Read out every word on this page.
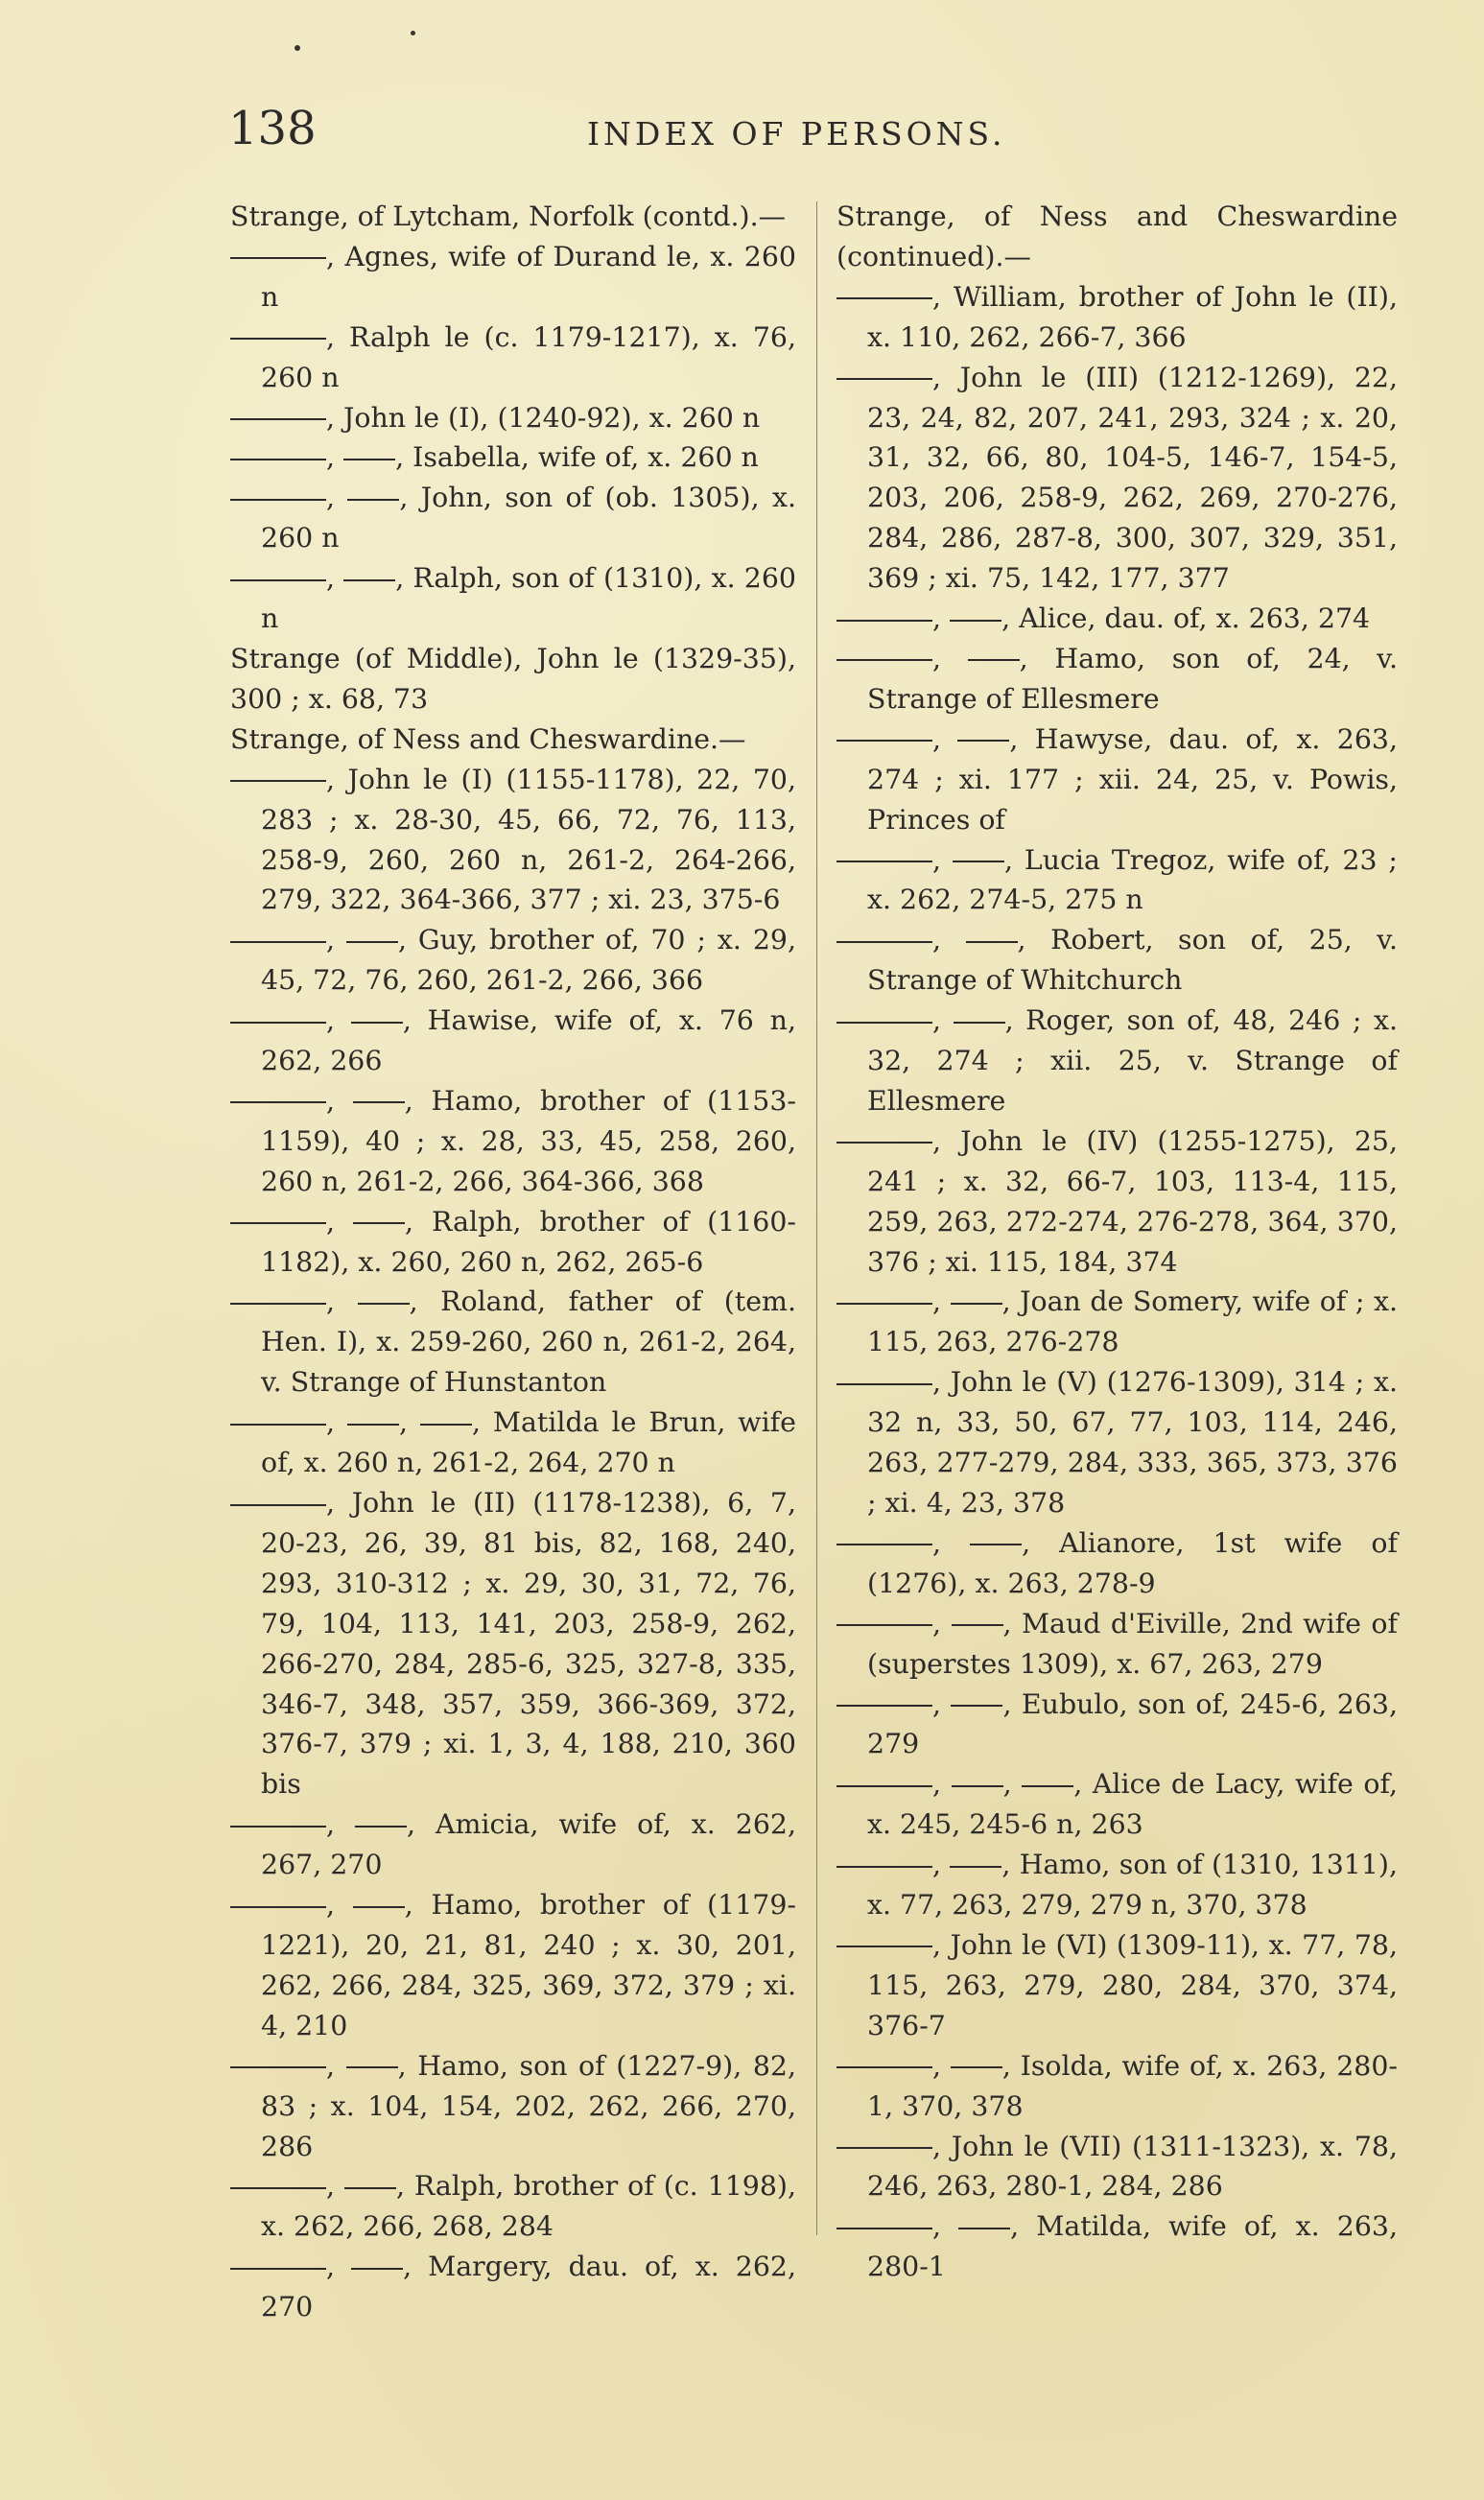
138	INDEX OF PERSONS.
Strange, of Lytcham, Norfolk (contd.).—
, Agnes, wife of Durand le, x. 260 n
, Ralph le (c. 1179-1217), x. 76, 260 n
, John le (I), (1240-92), x. 260 n
, , Isabella, wife of, x. 260 n
, , John, son of (ob. 1305), x. 260 n
, , Ralph, son of (1310), x. 260 n
Strange (of Middle), John le (1329-35), 300 ; x. 68, 73
Strange, of Ness and Cheswardine.—
, John le (I) (1155-1178), 22, 70, 283 ; x. 28-30, 45, 66, 72, 76, 113, 258-9, 260, 260 n, 261-2, 264-266, 279, 322, 364-366, 377 ; xi. 23, 375-6
, , Guy, brother of, 70 ; x. 29, 45, 72, 76, 260, 261-2, 266, 366
, , Hawise, wife of, x. 76 n, 262, 266
, , Hamo, brother of (1153-1159), 40 ; x. 28, 33, 45, 258, 260, 260 n, 261-2, 266, 364-366, 368
, , Ralph, brother of (1160-1182), x. 260, 260 n, 262, 265-6
, , Roland, father of (tem. Hen. I), x. 259-260, 260 n, 261-2, 264, v. Strange of Hunstanton
, , , Matilda le Brun, wife of, x. 260 n, 261-2, 264, 270 n
, John le (II) (1178-1238), 6, 7, 20-23, 26, 39, 81 bis, 82, 168, 240, 293, 310-312 ; x. 29, 30, 31, 72, 76, 79, 104, 113, 141, 203, 258-9, 262, 266-270, 284, 285-6, 325, 327-8, 335, 346-7, 348, 357, 359, 366-369, 372, 376-7, 379 ; xi. 1, 3, 4, 188, 210, 360 bis
, , Amicia, wife of, x. 262, 267, 270
, , Hamo, brother of (1179-1221), 20, 21, 81, 240 ; x. 30, 201, 262, 266, 284, 325, 369, 372, 379 ; xi. 4, 210
, , Hamo, son of (1227-9), 82, 83 ; x. 104, 154, 202, 262, 266, 270, 286
, , Ralph, brother of (c. 1198), x. 262, 266, 268, 284
, , Margery, dau. of, x. 262, 270
Strange, of Ness and Cheswardine (continued).—
, William, brother of John le (II), x. 110, 262, 266-7, 366
, John le (III) (1212-1269), 22, 23, 24, 82, 207, 241, 293, 324 ; x. 20, 31, 32, 66, 80, 104-5, 146-7, 154-5, 203, 206, 258-9, 262, 269, 270-276, 284, 286, 287-8, 300, 307, 329, 351, 369 ; xi. 75, 142, 177, 377
, , Alice, dau. of, x. 263, 274
, , Hamo, son of, 24, v. Strange of Ellesmere
, , Hawyse, dau. of, x. 263, 274 ; xi. 177 ; xii. 24, 25, v. Powis, Princes of
, , Lucia Tregoz, wife of, 23 ; x. 262, 274-5, 275 n
, , Robert, son of, 25, v. Strange of Whitchurch
, , Roger, son of, 48, 246 ; x. 32, 274 ; xii. 25, v. Strange of Ellesmere
, John le (IV) (1255-1275), 25, 241 ; x. 32, 66-7, 103, 113-4, 115, 259, 263, 272-274, 276-278, 364, 370, 376 ; xi. 115, 184, 374
, , Joan de Somery, wife of ; x. 115, 263, 276-278
, John le (V) (1276-1309), 314 ; x. 32 n, 33, 50, 67, 77, 103, 114, 246, 263, 277-279, 284, 333, 365, 373, 376 ; xi. 4, 23, 378
, , Alianore, 1st wife of (1276), x. 263, 278-9
, , Maud d'Eiville, 2nd wife of (superstes 1309), x. 67, 263, 279
, , Eubulo, son of, 245-6, 263, 279
, , , Alice de Lacy, wife of, x. 245, 245-6 n, 263
, , Hamo, son of (1310, 1311), x. 77, 263, 279, 279 n, 370, 378
, John le (VI) (1309-11), x. 77, 78, 115, 263, 279, 280, 284, 370, 374, 376-7
, , Isolda, wife of, x. 263, 280-1, 370, 378
, John le (VII) (1311-1323), x. 78, 246, 263, 280-1, 284, 286
, , Matilda, wife of, x. 263, 280-1
